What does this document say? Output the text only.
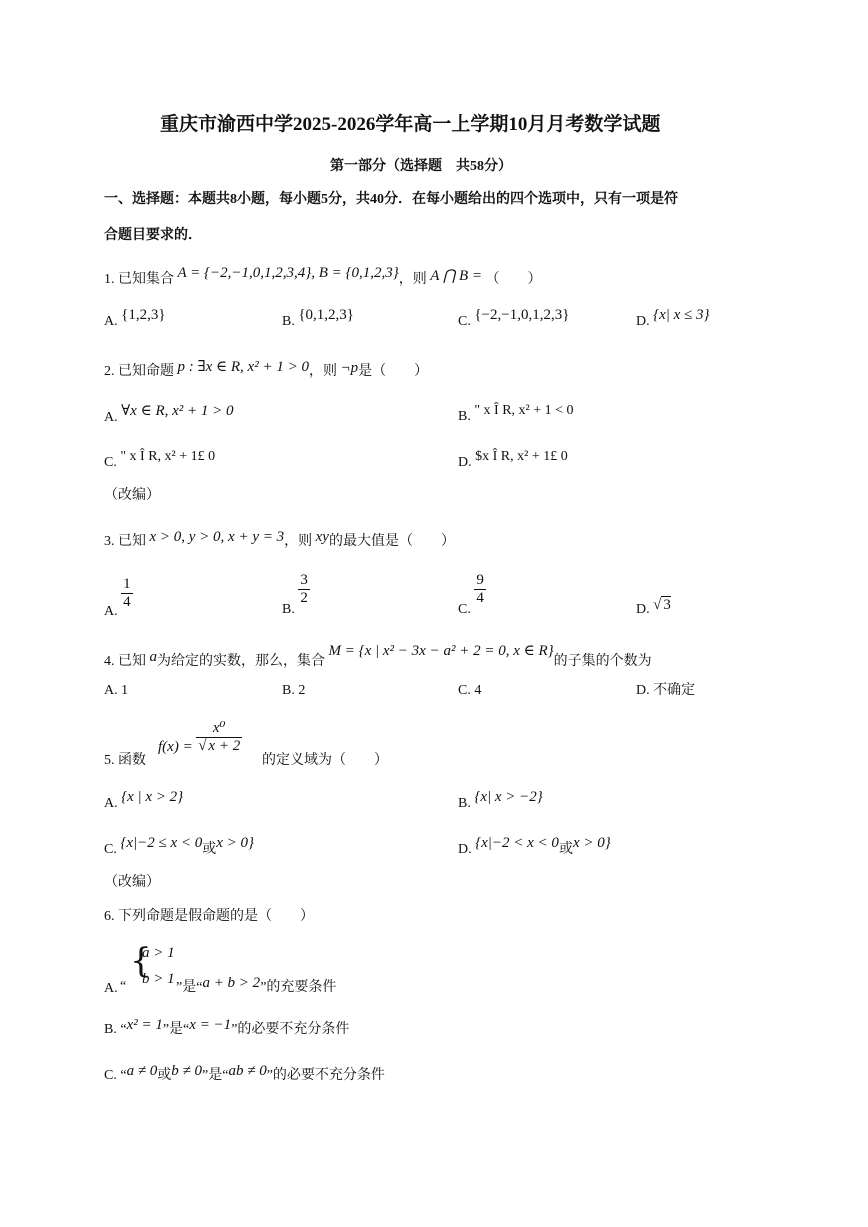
重庆市渝西中学2025-2026学年高一上学期10月月考数学试题
第一部分（选择题　共58分）
一、选择题：本题共8小题，每小题5分，共40分．在每小题给出的四个选项中，只有一项是符
合题目要求的．
1. 已知集合 A = {−2,−1,0,1,2,3,4}, B = {0,1,2,3}，则 A ⋂ B = （　　）
A. {1,2,3}	B. {0,1,2,3}	C. {−2,−1,0,1,2,3}	D. {x| x ≤ 3}
2. 已知命题 p : ∃x ∈ R, x² + 1 > 0，则 ¬p是（　　）
A. ∀x ∈ R, x² + 1 > 0	B. " x Î R, x² + 1 < 0
C. " x Î R, x² + 1£ 0	D. $x Î R, x² + 1£ 0
（改编）
3. 已知 x > 0, y > 0, x + y = 3，则 xy的最大值是（　　）
A.
$\frac{1}{4}$	B.
$\frac{3}{2}$
C.
$\frac{9}{4}$
D. √ 3
4. 已知 a为给定的实数，那么，集合 M = {x | x² − 3x − a² + 2 = 0, x ∈ R}的子集的个数为
A. 1	B. 2	C. 4	D. 不确定
5. 函数
$f(x) = \frac{\text{x⁰}}{√ x + 2}$
的定义域为（　　）
A. {x | x > 2}	B. {x| x > −2}
C. {x|−2 ≤ x < 0或x > 0}	D. {x|−2 < x < 0或x > 0}
（改编）
6. 下列命题是假命题的是（　　）
A. “
{
a > 1
b > 1
”是“a + b > 2”的充要条件
B. “x² = 1”是“x = −1”的必要不充分条件
C. “a ≠ 0或b ≠ 0”是“ab ≠ 0”的必要不充分条件
